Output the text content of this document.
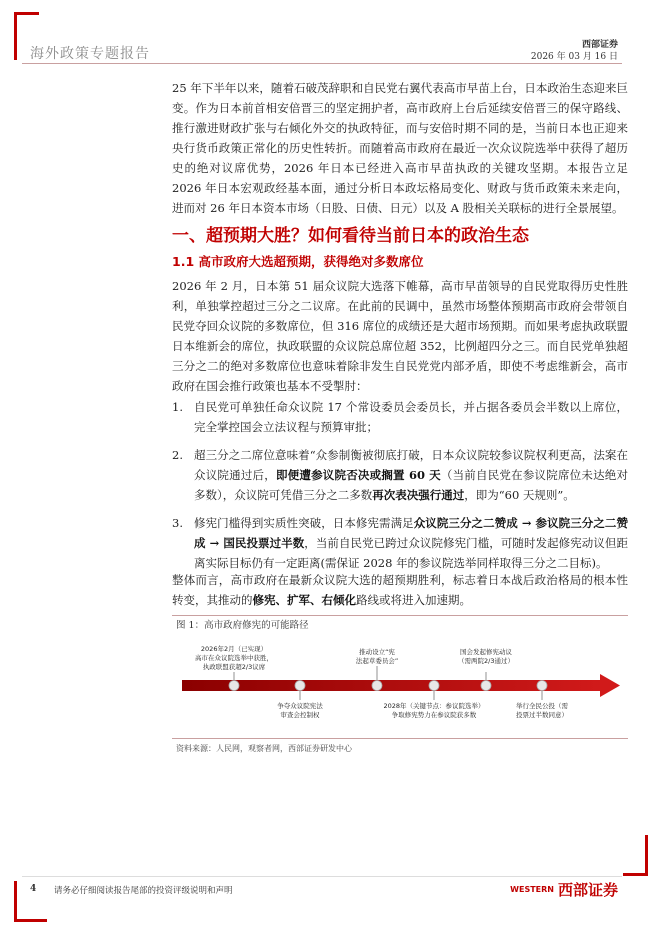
海外政策专题报告
西部证券
2026 年 03 月 16 日

25 年下半年以来，随着石破茂辞职和自民党右翼代表高市早苗上台，日本政治生态迎来巨变。作为日本前首相安倍晋三的坚定拥护者，高市政府上台后延续安倍晋三的保守路线、推行激进财政扩张与右倾化外交的执政特征，而与安倍时期不同的是，当前日本也正迎来央行货币政策正常化的历史性转折。而随着高市政府在最近一次众议院选举中获得了超历史的绝对议席优势，2026 年日本已经进入高市早苗执政的关键攻坚期。本报告立足 2026 年日本宏观政经基本面，通过分析日本政坛格局变化、财政与货币政策未来走向，进而对 26 年日本资本市场（日股、日债、日元）以及 A 股相关关联标的进行全景展望。

一、超预期大胜？如何看待当前日本的政治生态
1.1 高市政府大选超预期，获得绝对多数席位

2026 年 2 月，日本第 51 届众议院大选落下帷幕，高市早苗领导的自民党取得历史性胜利，单独掌控超过三分之二议席。在此前的民调中，虽然市场整体预期高市政府会带领自民党夺回众议院的多数席位，但 316 席位的成绩还是大超市场预期。而如果考虑执政联盟日本维新会的席位，执政联盟的众议院总席位超 352，比例超四分之三。而自民党单独超三分之二的绝对多数席位也意味着除非发生自民党党内部矛盾，即使不考虑维新会，高市政府在国会推行政策也基本不受掣肘：

1. 自民党可单独任命众议院 17 个常设委员会委员长，并占据各委员会半数以上席位，完全掌控国会立法议程与预算审批；
2. 超三分之二席位意味着“众参制衡被彻底打破，日本众议院较参议院权利更高，法案在众议院通过后，即便遭参议院否决或搁置 60 天（当前自民党在参议院席位未达绝对多数），众议院可凭借三分之二多数再次表决强行通过，即为“60 天规则”。
3. 修宪门槛得到实质性突破，日本修宪需满足众议院三分之二赞成 → 参议院三分之二赞成 → 国民投票过半数，当前自民党已跨过众议院修宪门槛，可随时发起修宪动议但距离实际目标仍有一定距离(需保证 2028 年的参议院选举同样取得三分之二目标)。

整体而言，高市政府在最新众议院大选的超预期胜利，标志着日本战后政治格局的根本性转变，其推动的修宪、扩军、右倾化路线或将进入加速期。

图 1：高市政府修宪的可能路径
2026年2月（已实现）
高市在众议院选举中获胜，
执政联盟获超2/3议席
推动设立“宪
法起草委员会”
国会发起修宪动议
（需两院2/3通过）
争夺众议院宪法
审查会控制权
2028年（关键节点：参议院选举）
争取修宪势力在参议院获多数
举行全民公投（需
投票过半数同意）
资料来源：人民网，观察者网，西部证券研发中心
4 请务必仔细阅读报告尾部的投资评级说明和声明	WESTERN 西部证券
